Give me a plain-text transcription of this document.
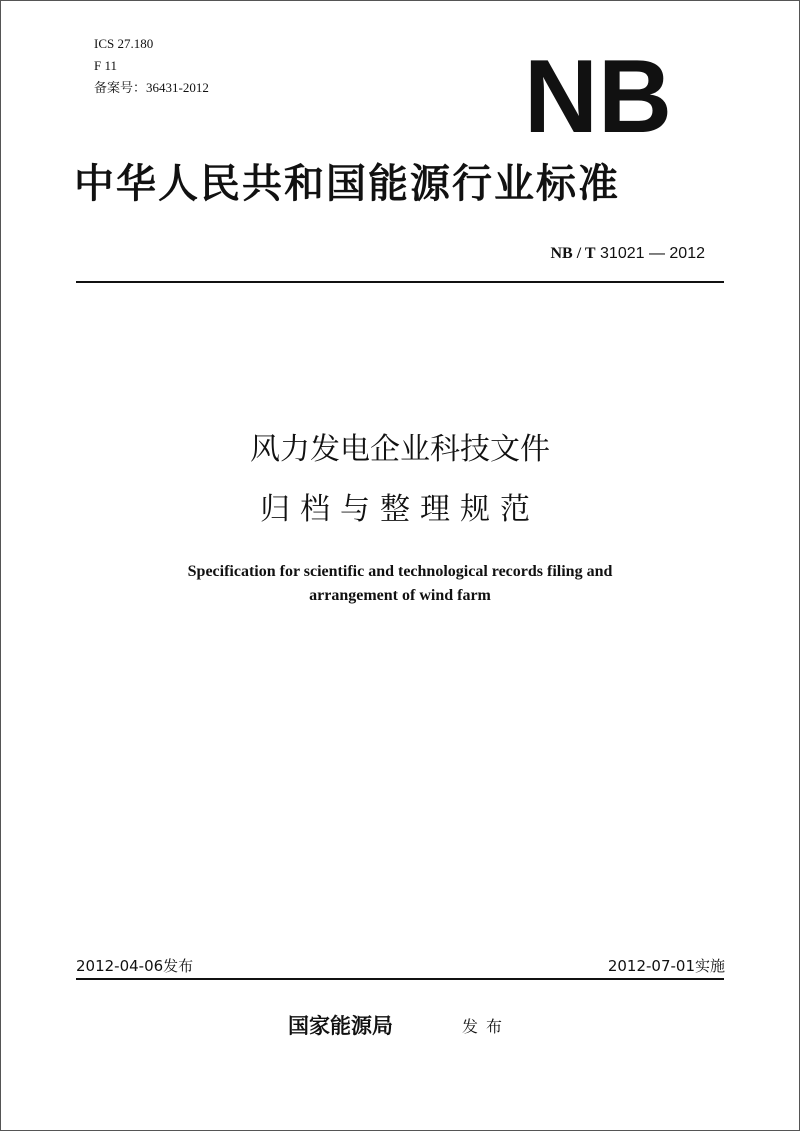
ICS 27.180
F 11
备案号：36431-2012	NB
中华人民共和国能源行业标准
NB / T 31021 — 2012
风力发电企业科技文件
归档与整理规范
Specification for scientific and technological records filing and
arrangement of wind farm
2012-04-06发布	2012-07-01实施
国家能源局	发布
